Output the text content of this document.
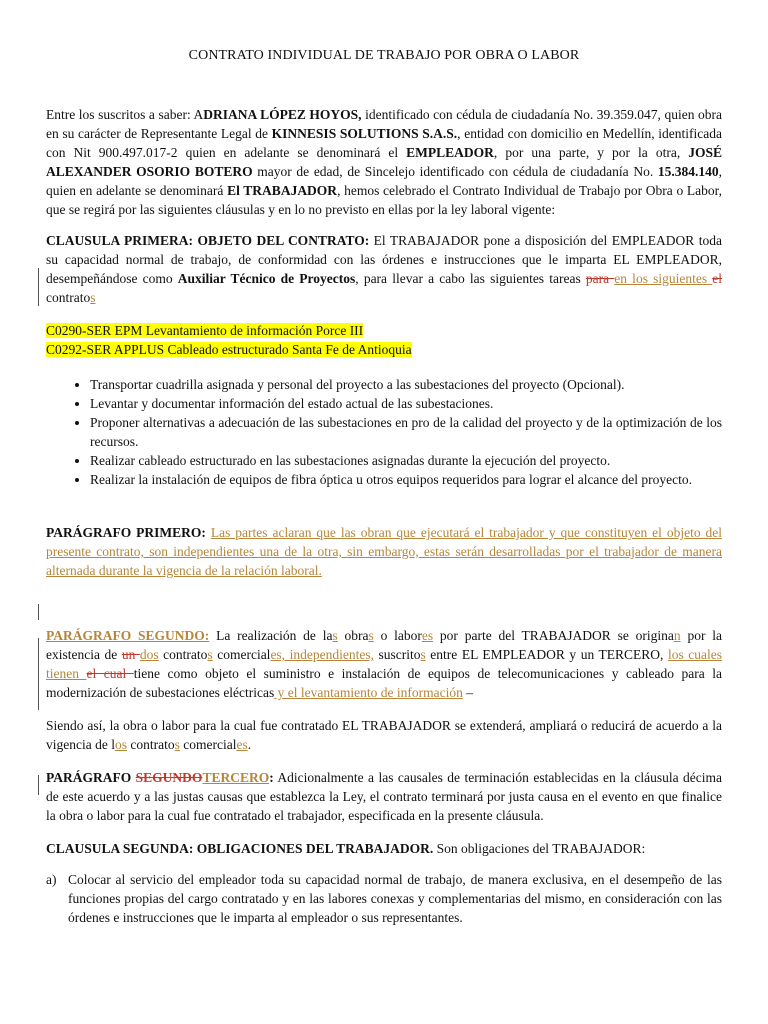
CONTRATO INDIVIDUAL DE TRABAJO POR OBRA O LABOR

Entre los suscritos a saber: ADRIANA LÓPEZ HOYOS, identificado con cédula de ciudadanía No. 39.359.047, quien obra en su carácter de Representante Legal de KINNESIS SOLUTIONS S.A.S., entidad con domicilio en Medellín, identificada con Nit 900.497.017-2 quien en adelante se denominará el EMPLEADOR, por una parte, y por la otra, JOSÉ ALEXANDER OSORIO BOTERO mayor de edad, de Sincelejo identificado con cédula de ciudadanía No. 15.384.140, quien en adelante se denominará El TRABAJADOR, hemos celebrado el Contrato Individual de Trabajo por Obra o Labor, que se regirá por las siguientes cláusulas y en lo no previsto en ellas por la ley laboral vigente:

CLAUSULA PRIMERA: OBJETO DEL CONTRATO: El TRABAJADOR pone a disposición del EMPLEADOR toda su capacidad normal de trabajo, de conformidad con las órdenes e instrucciones que le imparta EL EMPLEADOR, desempeñándose como Auxiliar Técnico de Proyectos, para llevar a cabo las siguientes tareas para en los siguientes el contratos

C0290-SER EPM Levantamiento de información Porce III
C0292-SER APPLUS Cableado estructurado Santa Fe de Antioquia
• Transportar cuadrilla asignada y personal del proyecto a las subestaciones del proyecto (Opcional).
• Levantar y documentar información del estado actual de las subestaciones.
• Proponer alternativas a adecuación de las subestaciones en pro de la calidad del proyecto y de la optimización de los recursos.
• Realizar cableado estructurado en las subestaciones asignadas durante la ejecución del proyecto.
• Realizar la instalación de equipos de fibra óptica u otros equipos requeridos para lograr el alcance del proyecto.

PARÁGRAFO PRIMERO: Las partes aclaran que las obran que ejecutará el trabajador y que constituyen el objeto del presente contrato, son independientes una de la otra, sin embargo, estas serán desarrolladas por el trabajador de manera alternada durante la vigencia de la relación laboral.

PARÁGRAFO SEGUNDO: La realización de las obras o labores por parte del TRABAJADOR se originan por la existencia de un dos contratos comerciales, independientes, suscritos entre EL EMPLEADOR y un TERCERO, los cuales tienen el cual tiene como objeto el suministro e instalación de equipos de telecomunicaciones y cableado para la modernización de subestaciones eléctricas y el levantamiento de información –

Siendo así, la obra o labor para la cual fue contratado EL TRABAJADOR se extenderá, ampliará o reducirá de acuerdo a la vigencia de los contratos comerciales.

PARÁGRAFO SEGUNDOTERCERO: Adicionalmente a las causales de terminación establecidas en la cláusula décima de este acuerdo y a las justas causas que establezca la Ley, el contrato terminará por justa causa en el evento en que finalice la obra o labor para la cual fue contratado el trabajador, especificada en la presente cláusula.

CLAUSULA SEGUNDA: OBLIGACIONES DEL TRABAJADOR. Son obligaciones del TRABAJADOR:

a) Colocar al servicio del empleador toda su capacidad normal de trabajo, de manera exclusiva, en el desempeño de las funciones propias del cargo contratado y en las labores conexas y complementarias del mismo, en consideración con las órdenes e instrucciones que le imparta al empleador o sus representantes.
